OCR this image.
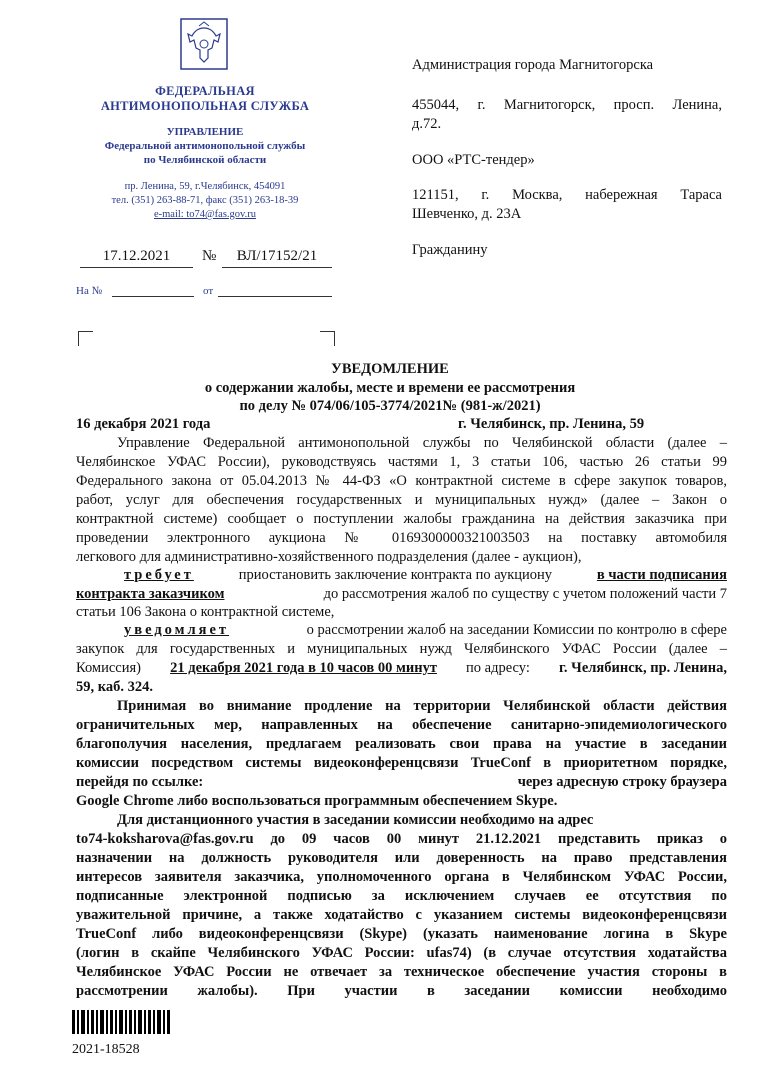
ФЕДЕРАЛЬНАЯ
АНТИМОНОПОЛЬНАЯ СЛУЖБА
УПРАВЛЕНИЕ
Федеральной антимонопольной службы
по Челябинской области
пр. Ленина, 59, г.Челябинск, 454091
тел. (351) 263-88-71, факс (351) 263-18-39
e-mail: to74@fas.gov.ru
17.12.2021	№	ВЛ/17152/21
На №	от
Администрация города Магнитогорска
455044, г. Магнитогорск, просп. Ленина,
д.72.
ООО «РТС-тендер»
121151, г. Москва, набережная Тараса
Шевченко, д. 23А
Гражданину
УВЕДОМЛЕНИЕ
о содержании жалобы, месте и времени ее рассмотрения
по делу № 074/06/105-3774/2021№ (981-ж/2021)
16 декабря 2021 года	г. Челябинск, пр. Ленина, 59
Управление Федеральной антимонопольной службы по Челябинской области (далее –
Челябинское УФАС России), руководствуясь частями 1, 3 статьи 106, частью 26 статьи 99
Федерального закона от 05.04.2013 № 44-ФЗ «О контрактной системе в сфере закупок товаров,
работ, услуг для обеспечения государственных и муниципальных нужд» (далее – Закон о
контрактной системе) сообщает о поступлении жалобы гражданина на действия заказчика при
проведении электронного аукциона № 0169300000321003503 на поставку автомобиля
легкового для административно-хозяйственного подразделения (далее - аукцион),
требует	приостановить заключение контракта по аукциону	в части подписания
контракта заказчиком	до рассмотрения жалоб по существу с учетом положений части 7
статьи 106 Закона о контрактной системе,
уведомляет	о рассмотрении жалоб на заседании Комиссии по контролю в сфере
закупок для государственных и муниципальных нужд Челябинского УФАС России (далее –
Комиссия) 21 декабря 2021 года в 10 часов 00 минут по адресу: г. Челябинск, пр. Ленина,
59, каб. 324.
Принимая во внимание продление на территории Челябинской области действия
ограничительных мер, направленных на обеспечение санитарно-эпидемиологического
благополучия населения, предлагаем реализовать свои права на участие в заседании
комиссии посредством системы видеоконференцсвязи TrueConf в приоритетном порядке,
перейдя по ссылке:	через адресную строку браузера
Google Chrome либо воспользоваться программным обеспечением Skype.
Для дистанционного участия в заседании комиссии необходимо на адрес
to74-koksharova@fas.gov.ru до 09 часов 00 минут 21.12.2021 представить приказ о
назначении на должность руководителя или доверенность на право представления
интересов заявителя заказчика, уполномоченного органа в Челябинском УФАС России,
подписанные электронной подписью за исключением случаев ее отсутствия по
уважительной причине, а также ходатайство с указанием системы видеоконференцсвязи
TrueConf либо видеоконференцсвязи (Skype) (указать наименование логина в Skype
(логин в скайпе Челябинского УФАС России: ufas74) (в случае отсутствия ходатайства
Челябинское УФАС России не отвечает за техническое обеспечение участия стороны в
рассмотрении жалобы). При участии в заседании комиссии необходимо
2021-18528
